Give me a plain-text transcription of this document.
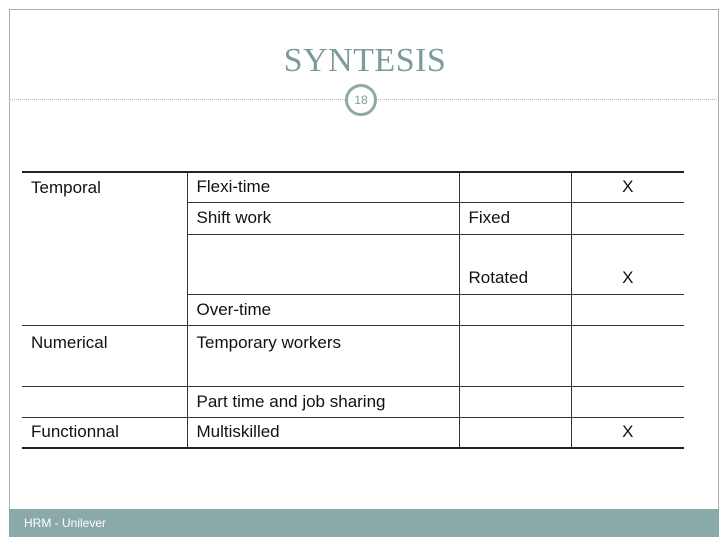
SYNTESIS
18
Temporal	Flexi-time		X
	Shift work	Fixed	
		Rotated	X
	Over-time		
Numerical	Temporary workers		
	Part time and job sharing		
Functionnal	Multiskilled		X
HRM - Unilever
